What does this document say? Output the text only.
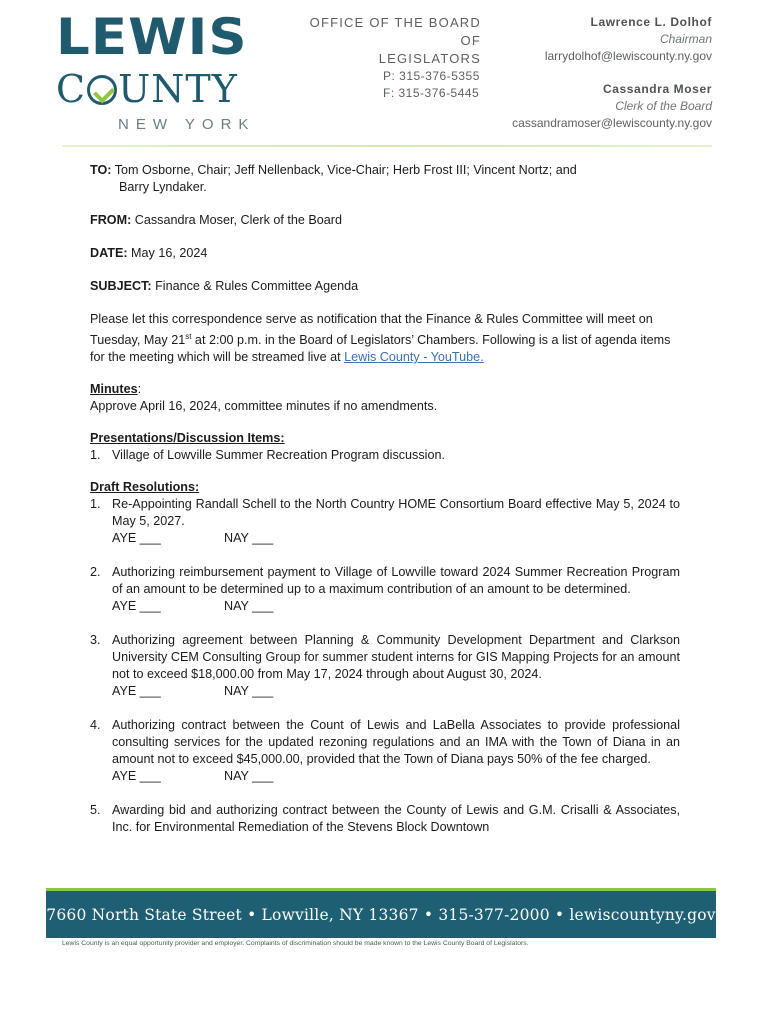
LEWIS
C UNTY
NEW YORK
OFFICE OF THE BOARD OF
LEGISLATORS
P: 315-376-5355
F: 315-376-5445
Lawrence L. Dolhof
Chairman
larrydolhof@lewiscounty.ny.gov
Cassandra Moser
Clerk of the Board
cassandramoser@lewiscounty.ny.gov

TO: Tom Osborne, Chair; Jeff Nellenback, Vice-Chair; Herb Frost III; Vincent Nortz; and

Barry Lyndaker.

FROM: Cassandra Moser, Clerk of the Board

DATE: May 16, 2024

SUBJECT: Finance & Rules Committee Agenda

Please let this correspondence serve as notification that the Finance & Rules Committee will meet on Tuesday, May 21st at 2:00 p.m. in the Board of Legislators’ Chambers. Following is a list of agenda items for the meeting which will be streamed live at Lewis County - YouTube.

Minutes:

Approve April 16, 2024, committee minutes if no amendments.

Presentations/Discussion Items:

1. Village of Lowville Summer Recreation Program discussion.

Draft Resolutions:

1. Re-Appointing Randall Schell to the North Country HOME Consortium Board effective May 5, 2024 to May 5, 2027.

AYE ___	NAY ___

2. Authorizing reimbursement payment to Village of Lowville toward 2024 Summer Recreation Program of an amount to be determined up to a maximum contribution of an amount to be determined.

AYE ___	NAY ___

3. Authorizing agreement between Planning & Community Development Department and Clarkson University CEM Consulting Group for summer student interns for GIS Mapping Projects for an amount not to exceed $18,000.00 from May 17, 2024 through about August 30, 2024.

AYE ___	NAY ___

4. Authorizing contract between the Count of Lewis and LaBella Associates to provide professional consulting services for the updated rezoning regulations and an IMA with the Town of Diana in an amount not to exceed $45,000.00, provided that the Town of Diana pays 50% of the fee charged.

AYE ___	NAY ___

5. Awarding bid and authorizing contract between the County of Lewis and G.M. Crisalli & Associates, Inc. for Environmental Remediation of the Stevens Block Downtown

7660 North State Street • Lowville, NY 13367 • 315-377-2000 • lewiscountyny.gov
Lewis County is an equal opportunity provider and employer. Complaints of discrimination should be made known to the Lewis County Board of Legislators.
